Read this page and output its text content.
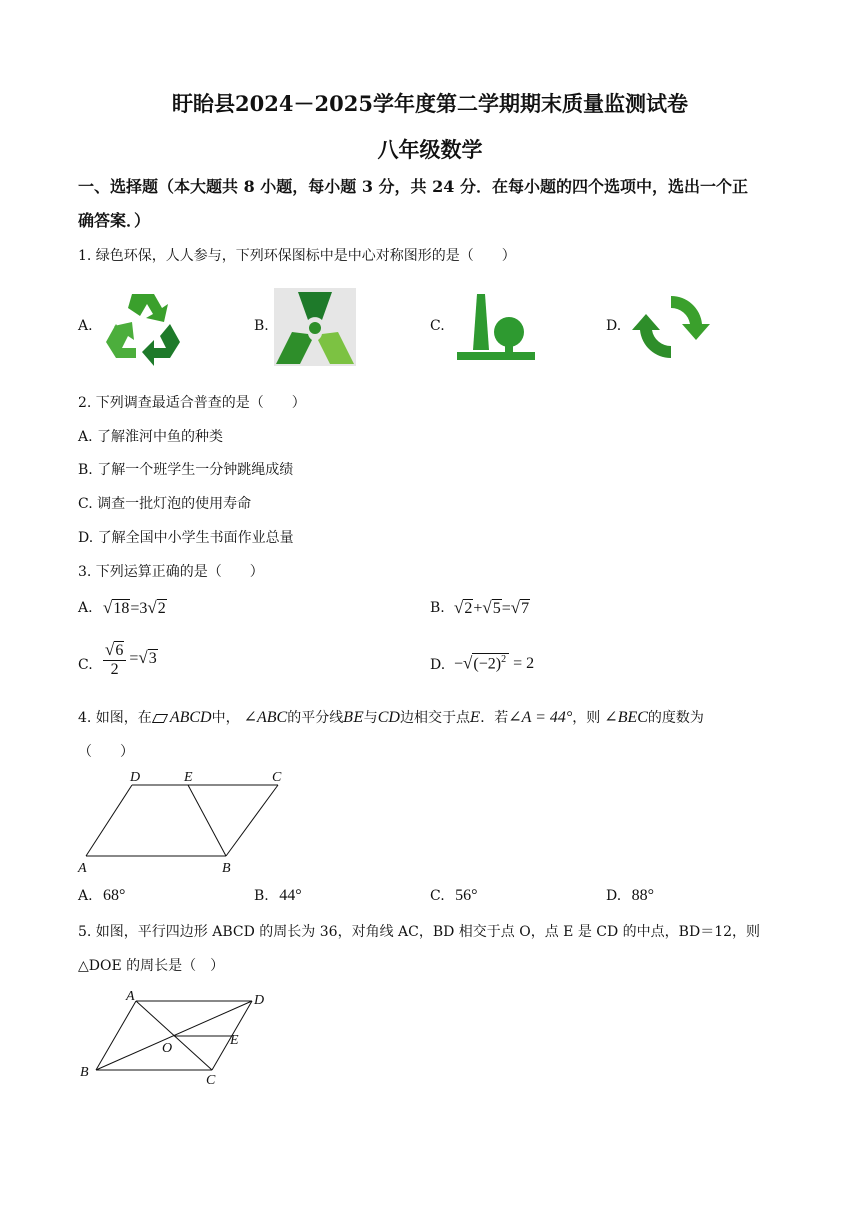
盱眙县2024－2025学年度第二学期期末质量监测试卷
八年级数学
一、选择题（本大题共 8 小题，每小题 3 分，共 24 分．在每小题的四个选项中，选出一个正
确答案．）
1. 绿色环保，人人参与，下列环保图标中是中心对称图形的是（　　）
A.	B.	C.	D.
2. 下列调查最适合普查的是（　　）
A. 了解淮河中鱼的种类
B. 了解一个班学生一分钟跳绳成绩
C. 调查一批灯泡的使用寿命
D. 了解全国中小学生书面作业总量
3. 下列运算正确的是（　　）
A. √18=3√2	B. √2+√5=√7
C. $\frac{√6}{2} =√3$	D. $-√(-2)^2 = 2$
4. 如图，在 ABCD中， ∠ABC的平分线BE与CD边相交于点E．若∠A = 44°，则 ∠BEC的度数为
（　　）
D	E	C
A	B
A. 68°	B. 44°	C. 56°	D. 88°
5. 如图，平行四边形 ABCD 的周长为 36，对角线 AC，BD 相交于点 O，点 E 是 CD 的中点，BD＝12，则
△DOE 的周长是（　）
A	D
O
E
B
C
